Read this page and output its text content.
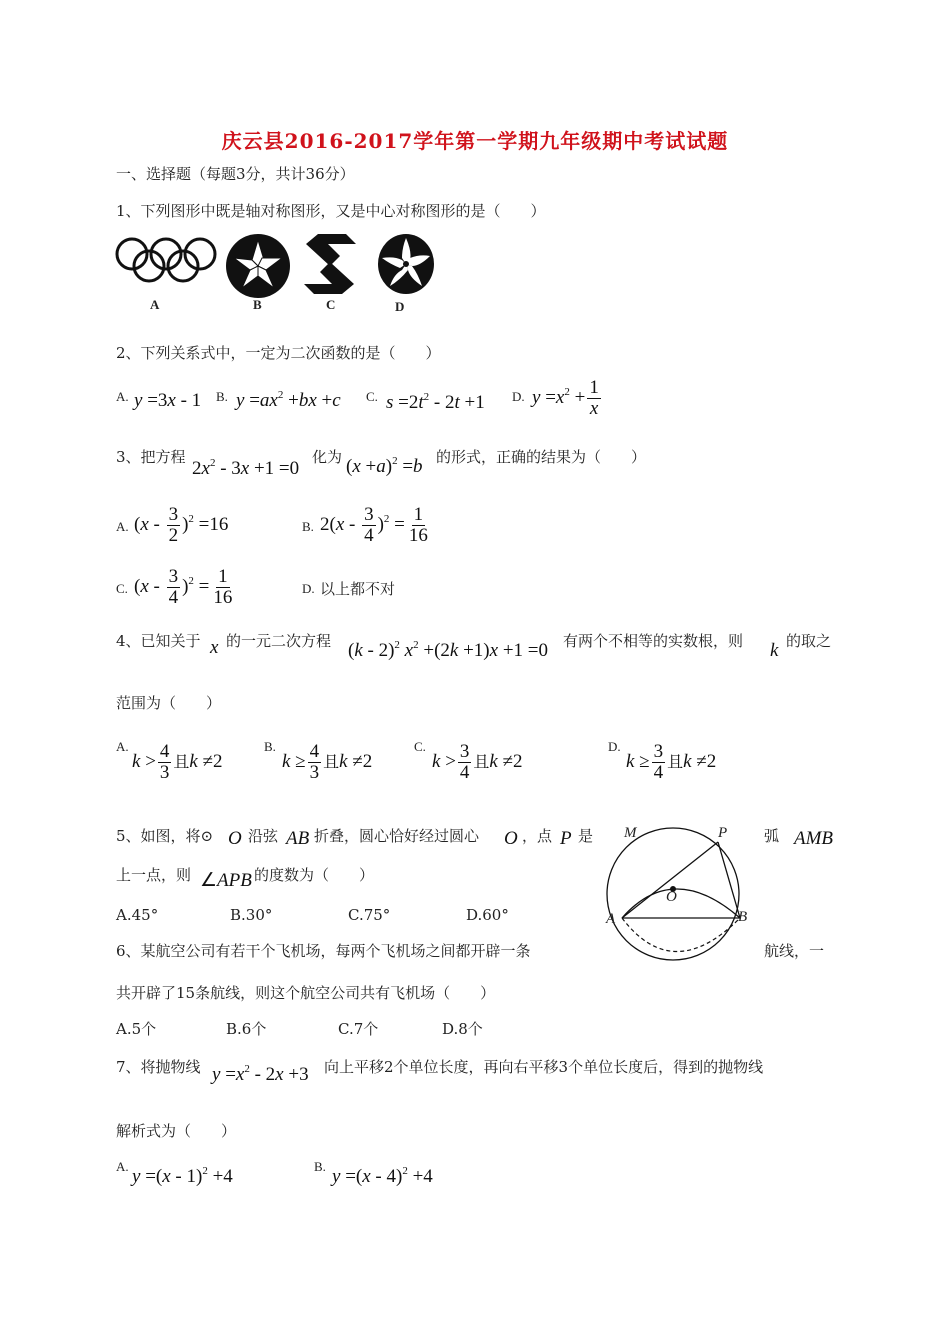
庆云县2016-2017学年第一学期九年级期中考试试题
一、选择题（每题3分，共计36分）
1、下列图形中既是轴对称图形，又是中心对称图形的是（　　）
A	B	C	D
2、下列关系式中，一定为二次函数的是（　　）
A. y =3x - 1 B. $y =ax^2 +bx +c$ C. $s =2t^2 - 2t +1$ D. $y =x^2 + \frac{1}{x}$
3、把方程
$2x^2 - 3x +1 =0$
化为 $(x +a)^2 =b$ 的形式，正确的结果为（　　）
A. $(x - \frac{3}{2} )^2 =16$	B. $2(x - \frac{3}{4} )^2 = \frac{1}{16}$
C. $(x - \frac{3}{4} )^2 = \frac{1}{16}$	D. 以上都不对
4、已知关于 x 的一元二次方程 (k - 2)$^2$ $x^2 +(2k +1)x +1 =0$ 有两个不相等的实数根，则 k 的取之
范围为（　　）
A.
$k > \frac{4}{3}$ 且k ≠2
B.
$k \ge \frac{4}{3}$ 且k ≠2
C.
$k > \frac{3}{4}$ 且k ≠2
D.
$k \ge \frac{3}{4}$ 且k ≠2
5、如图，将⊙ O 沿弦 AB 折叠，圆心恰好经过圆心 O ，点 P 是	弧 AMB
上一点，则 ∠APB 的度数为（　　）
A.45°	B.30°	C.75°	D.60°
M	P
O
A	B
6、某航空公司有若干个飞机场，每两个飞机场之间都开辟一条	航线，一
共开辟了15条航线，则这个航空公司共有飞机场（　　）
A.5个	B.6个	C.7个	D.8个
7、将抛物线 $y =x^2 - 2x +3$ 向上平移2个单位长度，再向右平移3个单位长度后，得到的抛物线
解析式为（　　）
A. y =(x - 1)$^2$ +4	B. y =(x - 4)$^2$ +4
